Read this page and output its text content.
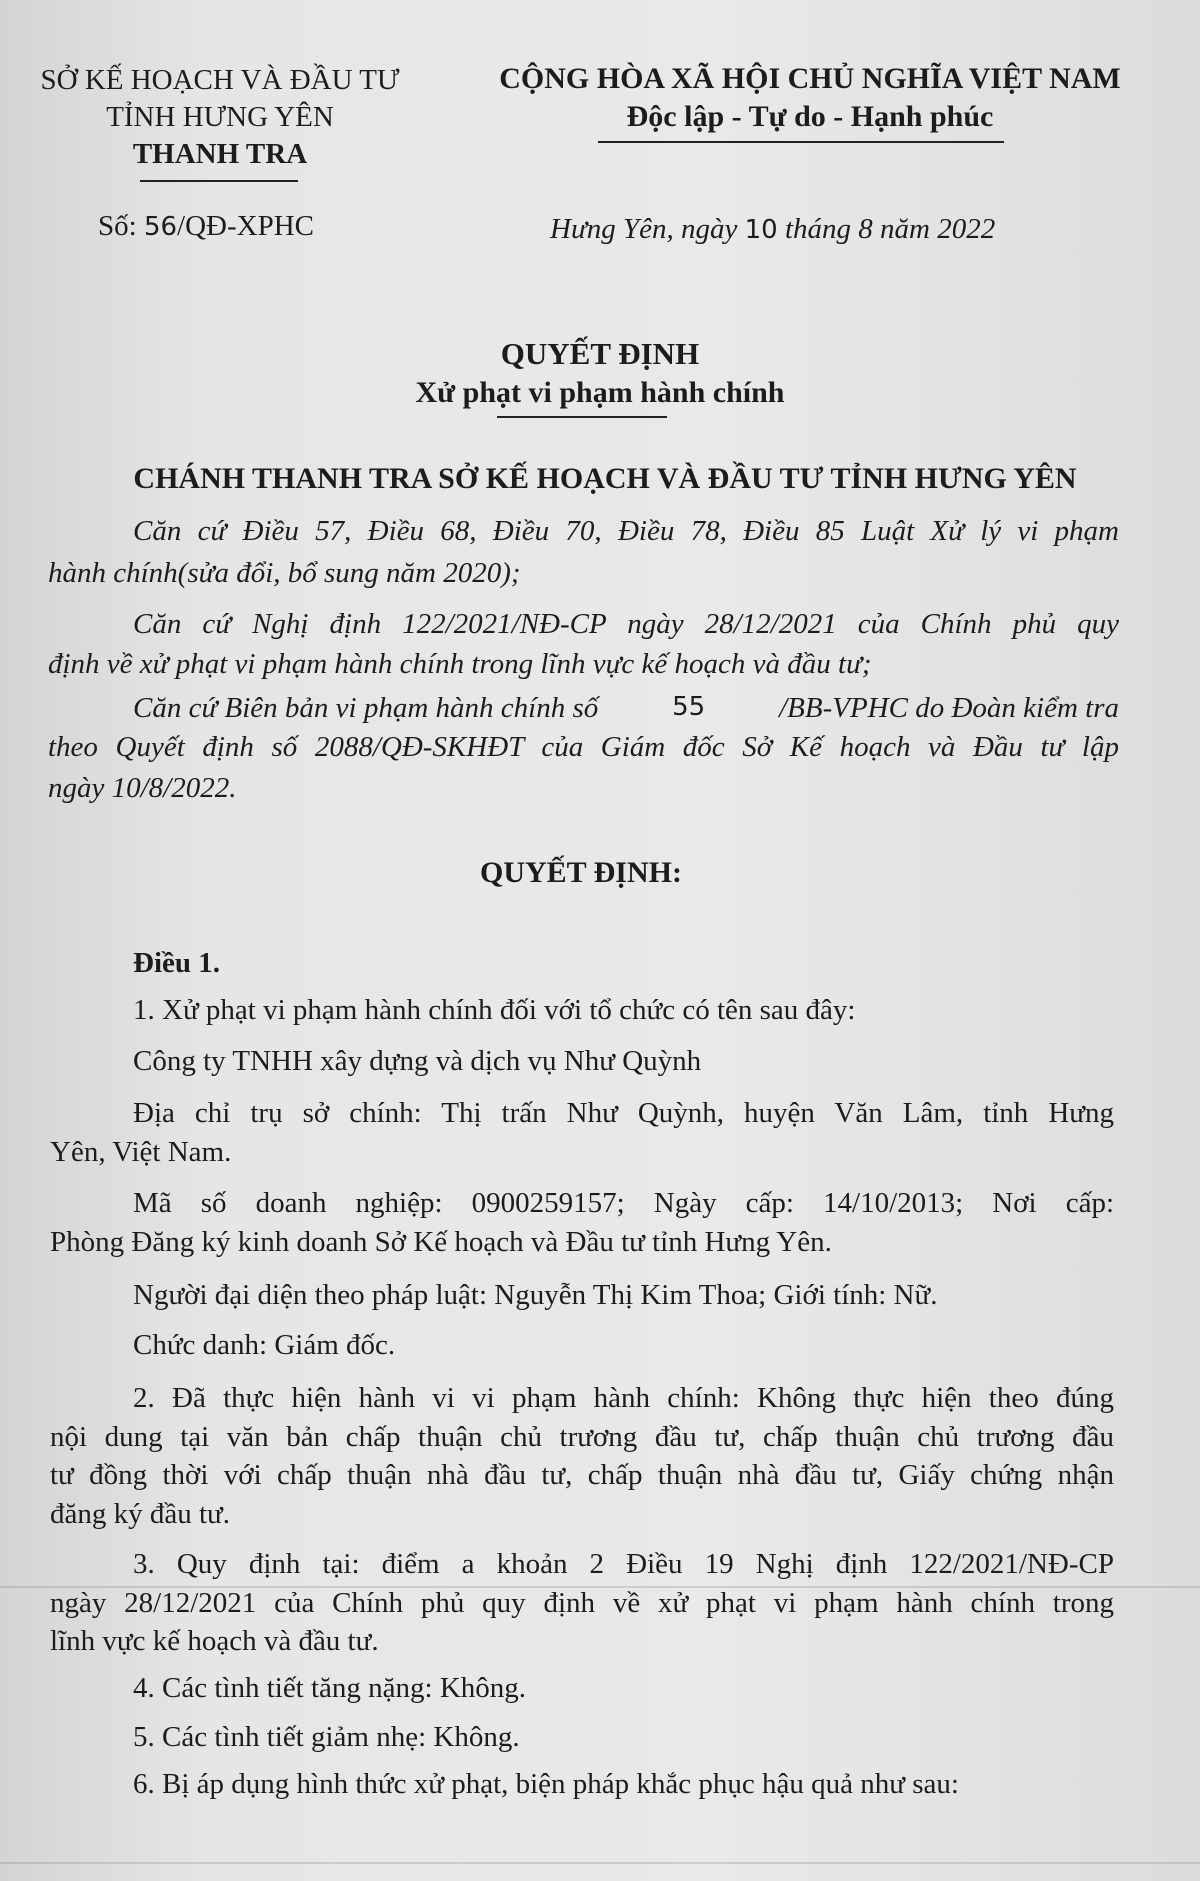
SỞ KẾ HOẠCH VÀ ĐẦU TƯ
TỈNH HƯNG YÊN
THANH TRA
Số: 56/QĐ-XPHC
CỘNG HÒA XÃ HỘI CHỦ NGHĨA VIỆT NAM
Độc lập - Tự do - Hạnh phúc
Hưng Yên, ngày 10 tháng 8 năm 2022
QUYẾT ĐỊNH
Xử phạt vi phạm hành chính
CHÁNH THANH TRA SỞ KẾ HOẠCH VÀ ĐẦU TƯ TỈNH HƯNG YÊN
Căn cứ Điều 57, Điều 68, Điều 70, Điều 78, Điều 85 Luật Xử lý vi phạm
hành chính(sửa đổi, bổ sung năm 2020);
Căn cứ Nghị định 122/2021/NĐ-CP ngày 28/12/2021 của Chính phủ quy
định về xử phạt vi phạm hành chính trong lĩnh vực kế hoạch và đầu tư;
Căn cứ Biên bản vi phạm hành chính số	55	/BB-VPHC do Đoàn kiểm tra
theo Quyết định số 2088/QĐ-SKHĐT của Giám đốc Sở Kế hoạch và Đầu tư lập
ngày 10/8/2022.
QUYẾT ĐỊNH:
Điều 1.
1. Xử phạt vi phạm hành chính đối với tổ chức có tên sau đây:
Công ty TNHH xây dựng và dịch vụ Như Quỳnh
Địa chỉ trụ sở chính: Thị trấn Như Quỳnh, huyện Văn Lâm, tỉnh Hưng
Yên, Việt Nam.
Mã số doanh nghiệp: 0900259157; Ngày cấp: 14/10/2013; Nơi cấp:
Phòng Đăng ký kinh doanh Sở Kế hoạch và Đầu tư tỉnh Hưng Yên.
Người đại diện theo pháp luật: Nguyễn Thị Kim Thoa; Giới tính: Nữ.
Chức danh: Giám đốc.
2. Đã thực hiện hành vi vi phạm hành chính: Không thực hiện theo đúng
nội dung tại văn bản chấp thuận chủ trương đầu tư, chấp thuận chủ trương đầu
tư đồng thời với chấp thuận nhà đầu tư, chấp thuận nhà đầu tư, Giấy chứng nhận
đăng ký đầu tư.
3. Quy định tại: điểm a khoản 2 Điều 19 Nghị định 122/2021/NĐ-CP
ngày 28/12/2021 của Chính phủ quy định về xử phạt vi phạm hành chính trong
lĩnh vực kế hoạch và đầu tư.
4. Các tình tiết tăng nặng: Không.
5. Các tình tiết giảm nhẹ: Không.
6. Bị áp dụng hình thức xử phạt, biện pháp khắc phục hậu quả như sau:
